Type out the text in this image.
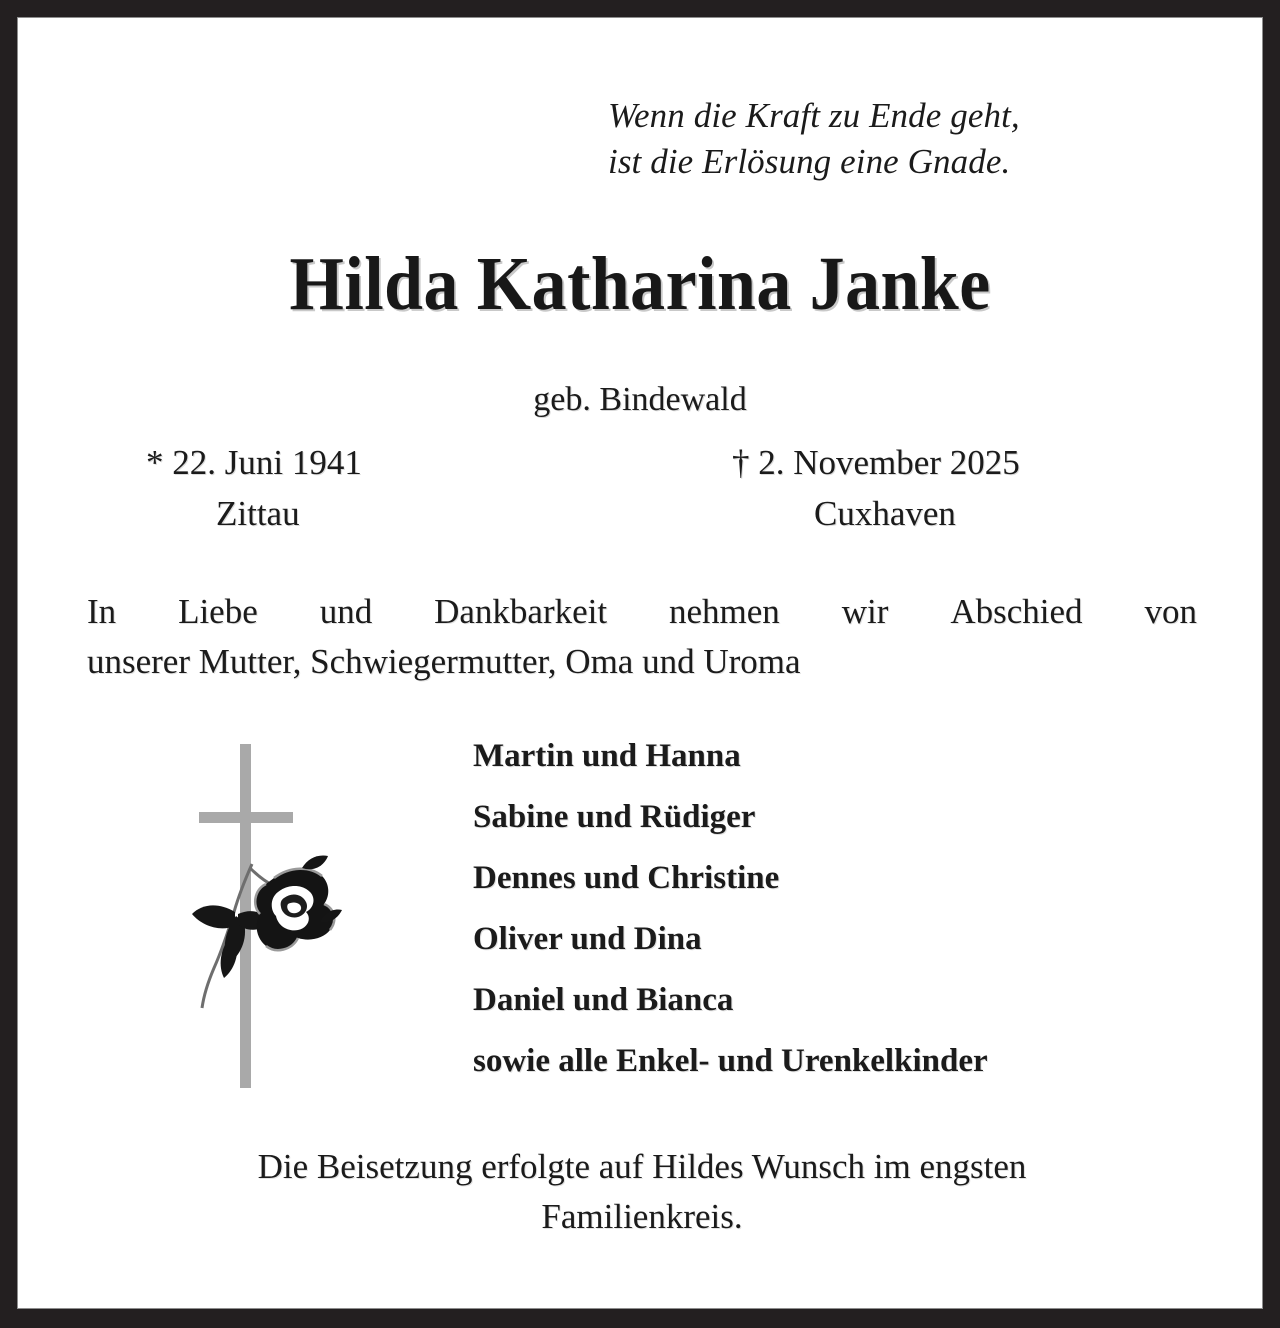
Wenn die Kraft zu Ende geht,
ist die Erlösung eine Gnade.
Hilda Katharina Janke
geb. Bindewald
* 22. Juni 1941
Zittau
† 2. November 2025
Cuxhaven
In Liebe und Dankbarkeit nehmen wir Abschied von
unserer Mutter, Schwiegermutter, Oma und Uroma
Martin und Hanna
Sabine und Rüdiger
Dennes und Christine
Oliver und Dina
Daniel und Bianca
sowie alle Enkel- und Urenkelkinder
Die Beisetzung erfolgte auf Hildes Wunsch im engsten
Familienkreis.
